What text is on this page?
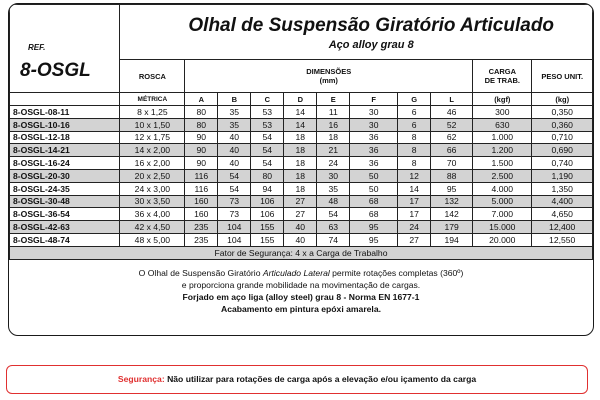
REF.
8-OSGL	Olhal de Suspensão Giratório Articulado
Aço alloy grau 8										

	ROSCA	DIMENSÕES
(mm)								CARGA
DE TRAB.	PESO UNIT.
	MÉTRICA	A	B	C	D	E	F	G	L	(kgf)	(kg)
8-OSGL-08-11	8 x 1,25	80	35	53	14	11	30	6	46	300	0,350
8-OSGL-10-16	10 x 1,50	80	35	53	14	16	30	6	52	630	0,360
8-OSGL-12-18	12 x 1,75	90	40	54	18	18	36	8	62	1.000	0,710
8-OSGL-14-21	14 x 2,00	90	40	54	18	21	36	8	66	1.200	0,690
8-OSGL-16-24	16 x 2,00	90	40	54	18	24	36	8	70	1.500	0,740
8-OSGL-20-30	20 x 2,50	116	54	80	18	30	50	12	88	2.500	1,190
8-OSGL-24-35	24 x 3,00	116	54	94	18	35	50	14	95	4.000	1,350
8-OSGL-30-48	30 x 3,50	160	73	106	27	48	68	17	132	5.000	4,400
8-OSGL-36-54	36 x 4,00	160	73	106	27	54	68	17	142	7.000	4,650
8-OSGL-42-63	42 x 4,50	235	104	155	40	63	95	24	179	15.000	12,400
8-OSGL-48-74	48 x 5,00	235	104	155	40	74	95	27	194	20.000	12,550
Fator de Segurança: 4 x a Carga de Trabalho											

O Olhal de Suspensão Giratório Articulado Lateral permite rotações completas (360º)
e proporciona grande mobilidade na movimentação de cargas.
Forjado em aço liga (alloy steel) grau 8 - Norma EN 1677-1
Acabamento em pintura epóxi amarela.											
Segurança: Não utilizar para rotações de carga após a elevação e/ou içamento da carga
